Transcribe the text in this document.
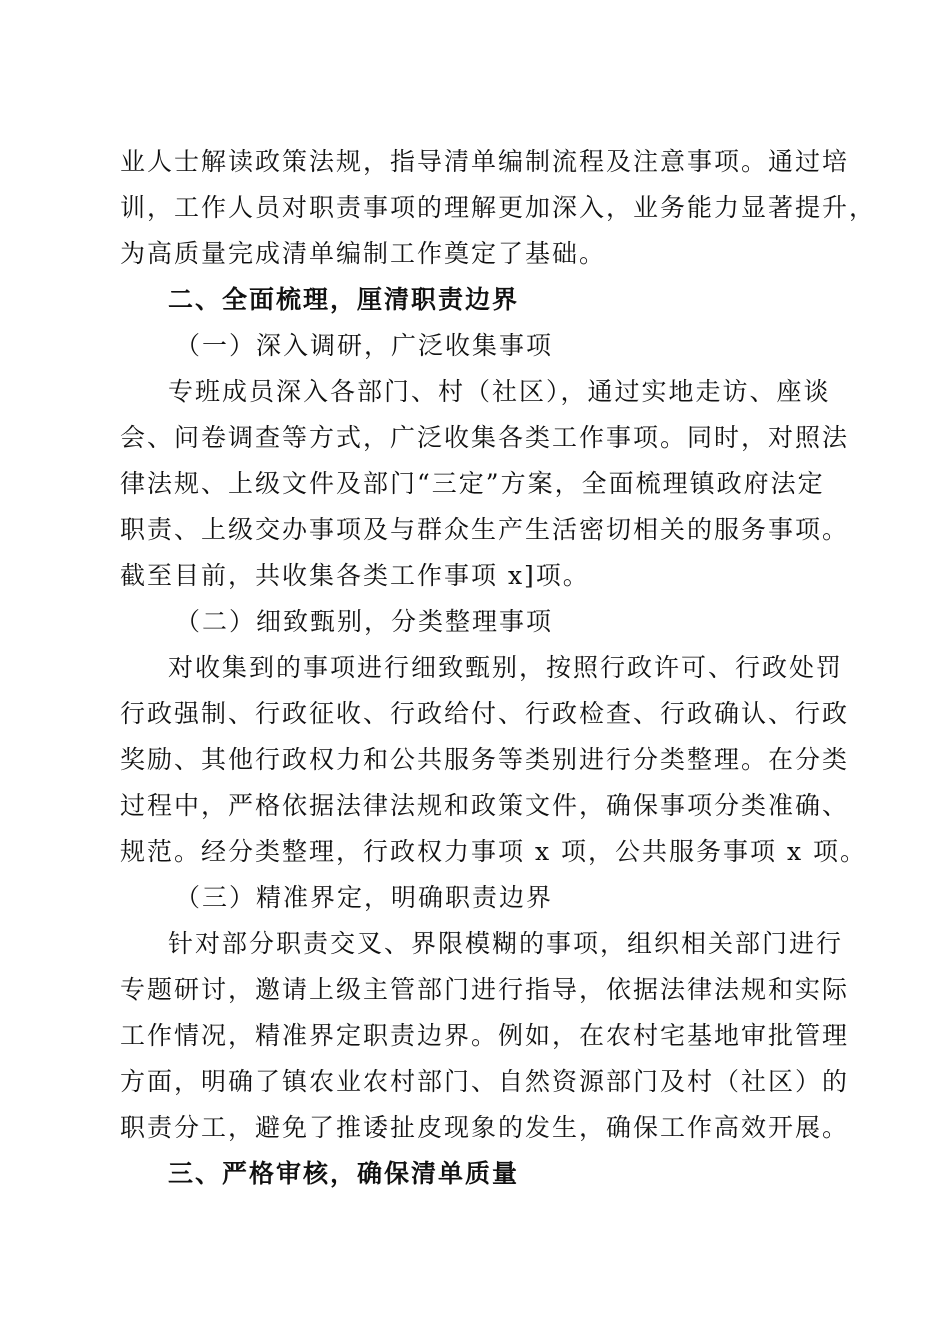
业人士解读政策法规，指导清单编制流程及注意事项。通过培
训，工作人员对职责事项的理解更加深入，业务能力显著提升，
为高质量完成清单编制工作奠定了基础。
二、全面梳理，厘清职责边界
（一）深入调研，广泛收集事项
专班成员深入各部门、村（社区），通过实地走访、座谈
会、问卷调查等方式，广泛收集各类工作事项。同时，对照法
律法规、上级文件及部门“三定”方案，全面梳理镇政府法定
职责、上级交办事项及与群众生产生活密切相关的服务事项。
截至目前，共收集各类工作事项 x]项。
（二）细致甄别，分类整理事项
对收集到的事项进行细致甄别，按照行政许可、行政处罚
行政强制、行政征收、行政给付、行政检查、行政确认、行政
奖励、其他行政权力和公共服务等类别进行分类整理。在分类
过程中，严格依据法律法规和政策文件，确保事项分类准确、
规范。经分类整理，行政权力事项 x 项，公共服务事项 x 项。
（三）精准界定，明确职责边界
针对部分职责交叉、界限模糊的事项，组织相关部门进行
专题研讨，邀请上级主管部门进行指导，依据法律法规和实际
工作情况，精准界定职责边界。例如，在农村宅基地审批管理
方面，明确了镇农业农村部门、自然资源部门及村（社区）的
职责分工，避免了推诿扯皮现象的发生，确保工作高效开展。
三、严格审核，确保清单质量
